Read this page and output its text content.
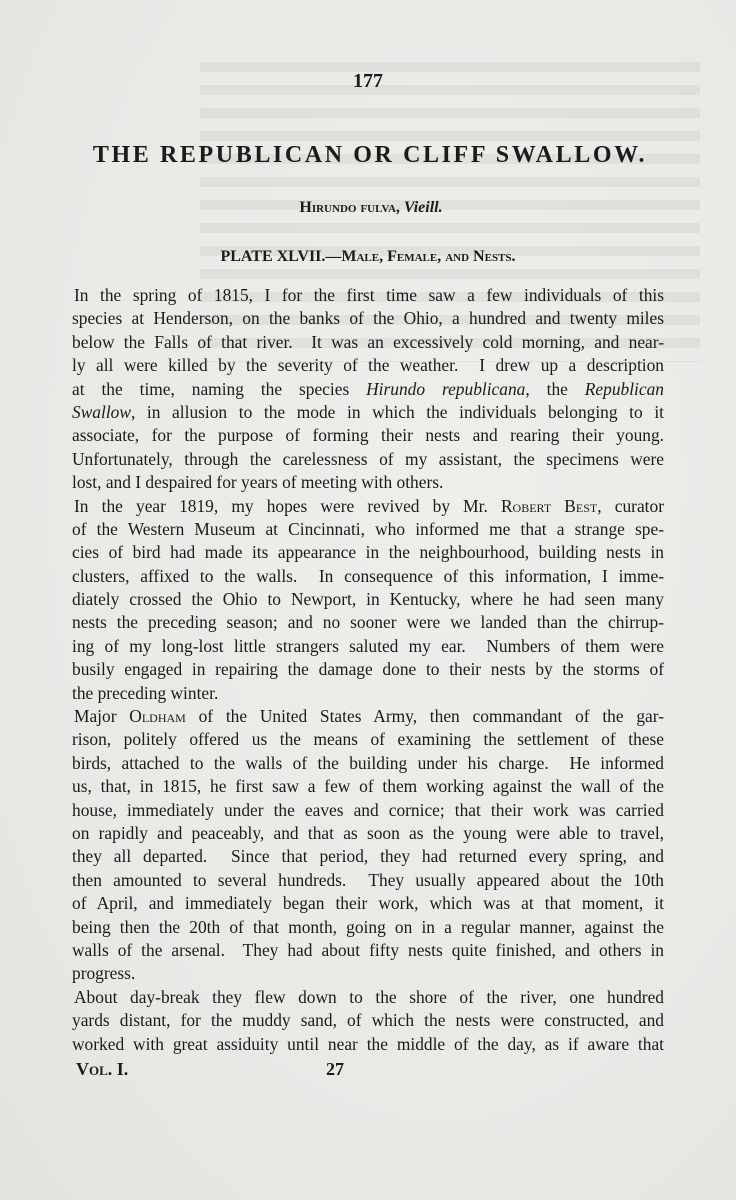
177
THE REPUBLICAN OR CLIFF SWALLOW.
Hirundo fulva, Vieill.
PLATE XLVII.—Male, Female, and Nests.
In the spring of 1815, I for the first time saw a few individuals of this
species at Henderson, on the banks of the Ohio, a hundred and twenty miles
below the Falls of that river.  It was an excessively cold morning, and near-
ly all were killed by the severity of the weather.  I drew up a description
at the time, naming the species Hirundo republicana, the Republican
Swallow, in allusion to the mode in which the individuals belonging to it
associate, for the purpose of forming their nests and rearing their young.
Unfortunately, through the carelessness of my assistant, the specimens were
lost, and I despaired for years of meeting with others.
In the year 1819, my hopes were revived by Mr. Robert Best, curator
of the Western Museum at Cincinnati, who informed me that a strange spe-
cies of bird had made its appearance in the neighbourhood, building nests in
clusters, affixed to the walls.  In consequence of this information, I imme-
diately crossed the Ohio to Newport, in Kentucky, where he had seen many
nests the preceding season; and no sooner were we landed than the chirrup-
ing of my long-lost little strangers saluted my ear.  Numbers of them were
busily engaged in repairing the damage done to their nests by the storms of
the preceding winter.
Major Oldham of the United States Army, then commandant of the gar-
rison, politely offered us the means of examining the settlement of these
birds, attached to the walls of the building under his charge.  He informed
us, that, in 1815, he first saw a few of them working against the wall of the
house, immediately under the eaves and cornice; that their work was carried
on rapidly and peaceably, and that as soon as the young were able to travel,
they all departed.  Since that period, they had returned every spring, and
then amounted to several hundreds.  They usually appeared about the 10th
of April, and immediately began their work, which was at that moment, it
being then the 20th of that month, going on in a regular manner, against the
walls of the arsenal.  They had about fifty nests quite finished, and others in
progress.
About day-break they flew down to the shore of the river, one hundred
yards distant, for the muddy sand, of which the nests were constructed, and
worked with great assiduity until near the middle of the day, as if aware that
Vol. I.	27
